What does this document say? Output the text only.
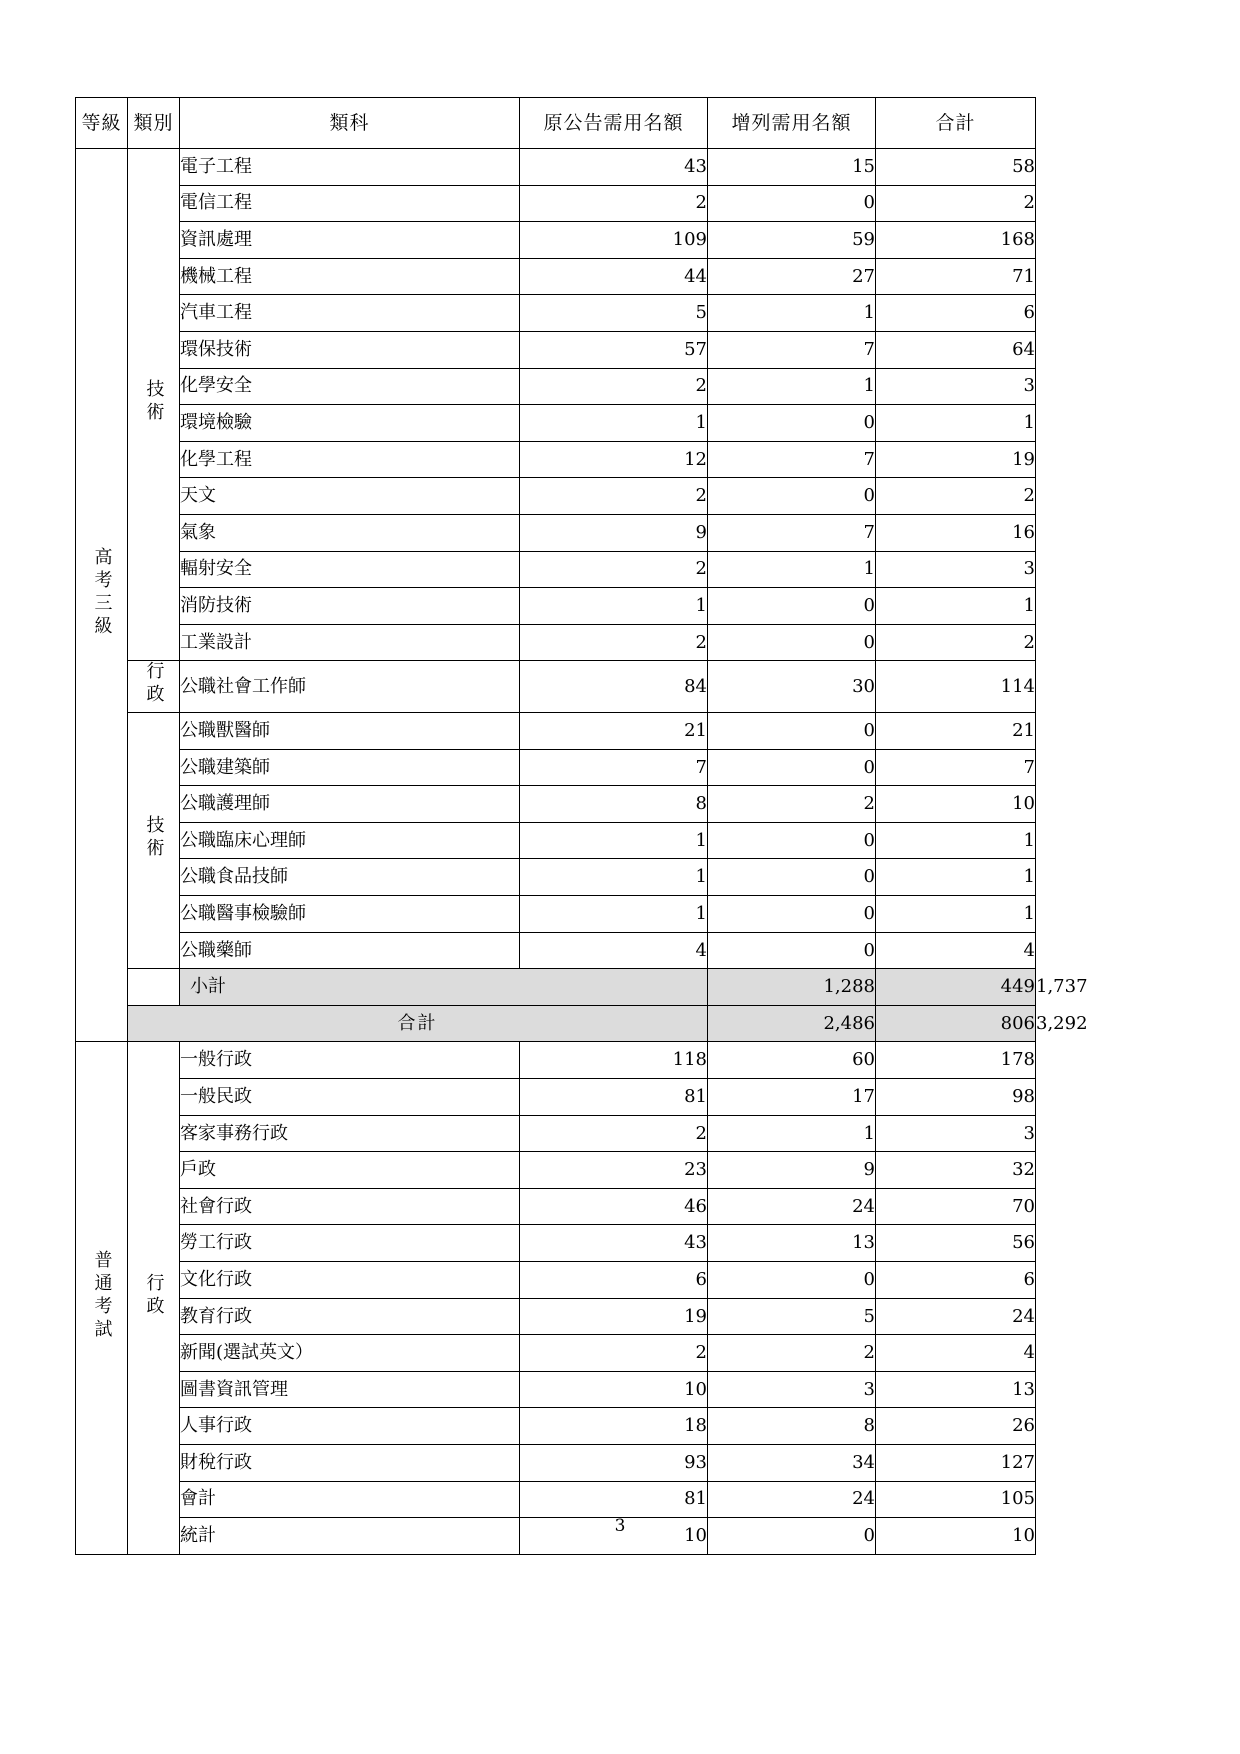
等級	類別	類科	原公告需用名額	增列需用名額	合計	
高考三級	技術	電子工程	43	15	58	
		電信工程	2	0	2	
		資訊處理	109	59	168	
		機械工程	44	27	71	
		汽車工程	5	1	6	
		環保技術	57	7	64	
		化學安全	2	1	3	
		環境檢驗	1	0	1	
		化學工程	12	7	19	
		天文	2	0	2	
		氣象	9	7	16	
		輻射安全	2	1	3	
		消防技術	1	0	1	
		工業設計	2	0	2	
	行政	公職社會工作師	84	30	114	
	技術	公職獸醫師	21	0	21	
		公職建築師	7	0	7	
		公職護理師	8	2	10	
		公職臨床心理師	1	0	1	
		公職食品技師	1	0	1	
		公職醫事檢驗師	1	0	1	
		公職藥師	4	0	4	
		小計		1,288	449	1,737
	合計			2,486	806	3,292
普通考試	行政	一般行政	118	60	178	
		一般民政	81	17	98	
		客家事務行政	2	1	3	
		戶政	23	9	32	
		社會行政	46	24	70	
		勞工行政	43	13	56	
		文化行政	6	0	6	
		教育行政	19	5	24	
		新聞(選試英文）	2	2	4	
		圖書資訊管理	10	3	13	
		人事行政	18	8	26	
		財稅行政	93	34	127	
		會計	81	24	105	
		統計	10	0	10	
3
